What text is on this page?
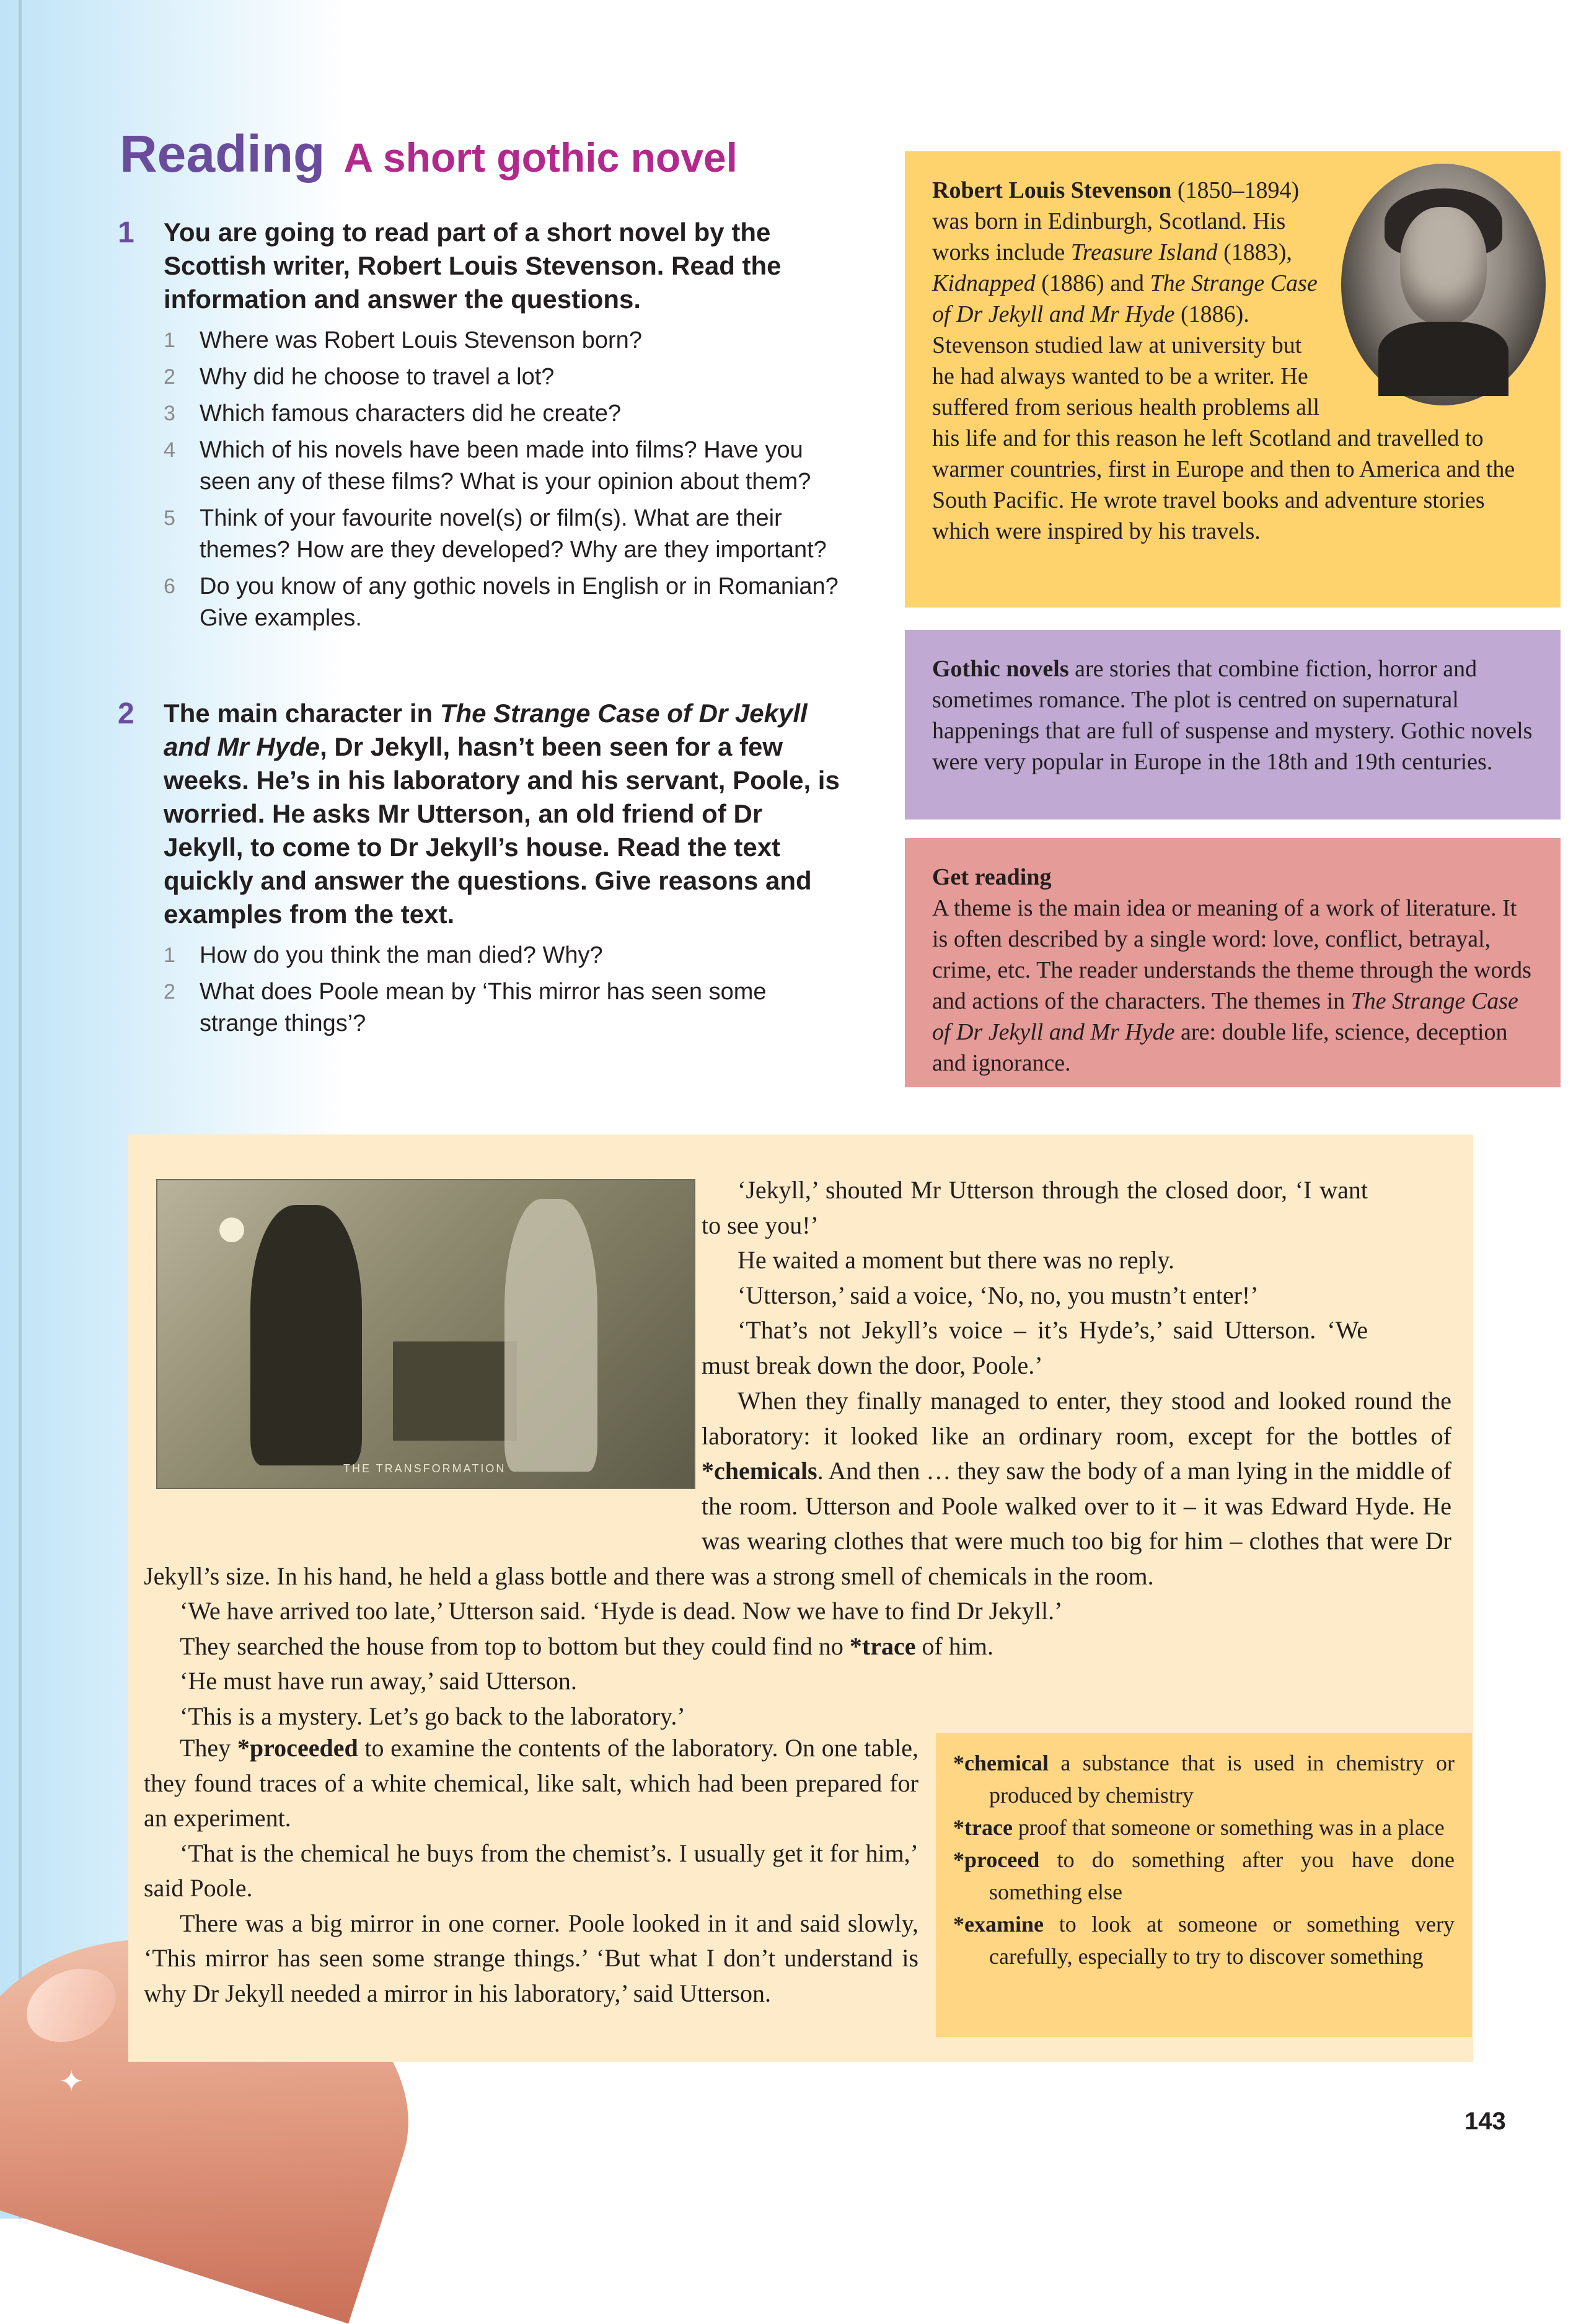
✦
Reading A short gothic novel
1 You are going to read part of a short novel by the Scottish writer, Robert Louis Stevenson. Read the information and answer the questions.
1 Where was Robert Louis Stevenson born?
2 Why did he choose to travel a lot?
3 Which famous characters did he create?
4 Which of his novels have been made into films? Have you seen any of these films? What is your opinion about them?
5 Think of your favourite novel(s) or film(s). What are their themes? How are they developed? Why are they important?
6 Do you know of any gothic novels in English or in Romanian? Give examples.
2 The main character in The Strange Case of Dr Jekyll and Mr Hyde, Dr Jekyll, hasn’t been seen for a few weeks. He’s in his laboratory and his servant, Poole, is worried. He asks Mr Utterson, an old friend of Dr Jekyll, to come to Dr Jekyll’s house. Read the text quickly and answer the questions. Give reasons and examples from the text.
1 How do you think the man died? Why?
2 What does Poole mean by ‘This mirror has seen some strange things’?
Robert Louis Stevenson (1850–1894) was born in Edinburgh, Scotland. His works include Treasure Island (1883), Kidnapped (1886) and The Strange Case of Dr Jekyll and Mr Hyde (1886). Stevenson studied law at university but he had always wanted to be a writer. He suffered from serious health problems all his life and for this reason he left Scotland and travelled to warmer countries, first in Europe and then to America and the South Pacific. He wrote travel books and adventure stories which were inspired by his travels.
Gothic novels are stories that combine fiction, horror and sometimes romance. The plot is centred on supernatural happenings that are full of suspense and mystery. Gothic novels were very popular in Europe in the 18th and 19th centuries.
Get reading
A theme is the main idea or meaning of a work of literature. It is often described by a single word: love, conflict, betrayal, crime, etc. The reader understands the theme through the words and actions of the characters. The themes in The Strange Case of Dr Jekyll and Mr Hyde are: double life, science, deception and ignorance.
THE TRANSFORMATION

‘Jekyll,’ shouted Mr Utterson through the closed door, ‘I want to see you!’

He waited a moment but there was no reply.

‘Utterson,’ said a voice, ‘No, no, you mustn’t enter!’

‘That’s not Jekyll’s voice – it’s Hyde’s,’ said Utterson. ‘We must break down the door, Poole.’

When they finally managed to enter, they stood and looked round the laboratory: it looked like an ordinary room, except for the bottles of *chemicals. And then … they saw the body of a man lying in the middle of the room. Utterson and Poole walked over to it – it was Edward Hyde. He was wearing clothes that were much too big for him – clothes that were Dr Jekyll’s size. In his hand, he held a glass bottle and there was a strong smell of chemicals in the room.

‘We have arrived too late,’ Utterson said. ‘Hyde is dead. Now we have to find Dr Jekyll.’

They searched the house from top to bottom but they could find no *trace of him.

‘He must have run away,’ said Utterson.

‘This is a mystery. Let’s go back to the laboratory.’

They *proceeded to examine the contents of the laboratory. On one table, they found traces of a white chemical, like salt, which had been prepared for an experiment.

‘That is the chemical he buys from the chemist’s. I usually get it for him,’ said Poole.

There was a big mirror in one corner. Poole looked in it and said slowly, ‘This mirror has seen some strange things.’ ‘But what I don’t understand is why Dr Jekyll needed a mirror in his laboratory,’ said Utterson.

*chemical a substance that is used in chemistry or produced by chemistry

*trace proof that someone or something was in a place

*proceed to do something after you have done something else

*examine to look at someone or something very carefully, especially to try to discover something

143
